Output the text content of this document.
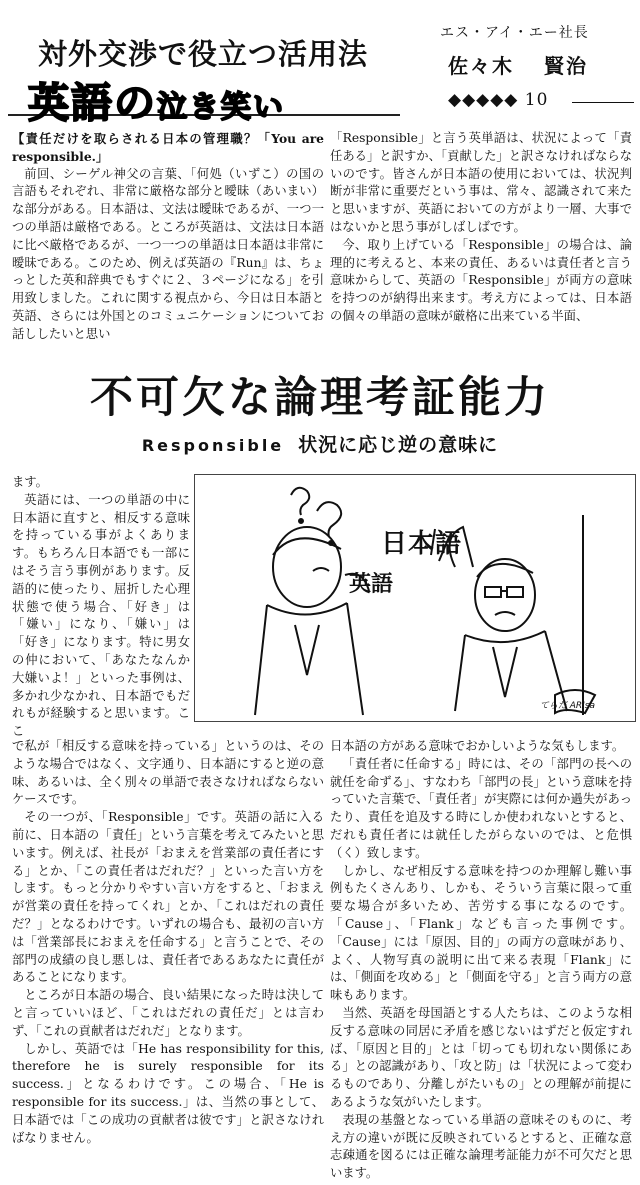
対外交渉で役立つ活用法
英語の泣き笑い
エス・アイ・エー社長
佐々木 賢治
◆◆◆◆◆ 10

【責任だけを取らされる日本の管理職？「You are responsible.」

前回、シーゲル神父の言葉、「何処（いずこ）の国の言語もそれぞれ、非常に厳格な部分と曖昧（あいまい）な部分がある。日本語は、文法は曖昧であるが、一つ一つの単語は厳格である。ところが英語は、文法は日本語に比べ厳格であるが、一つ一つの単語は日本語は非常に曖昧である。このため、例えば英語の『Run』は、ちょっとした英和辞典でもすぐに２、３ページになる」を引用致しました。これに関する視点から、今日は日本語と英語、さらには外国とのコミュニケーションについてお話ししたいと思い

「Responsible」と言う英単語は、状況によって「責任ある」と訳すか、「貢献した」と訳さなければならないのです。皆さんが日本語の使用においては、状況判断が非常に重要だという事は、常々、認識されて来たと思いますが、英語においての方がより一層、大事ではないかと思う事がしばしばです。

今、取り上げている「Responsible」の場合は、論理的に考えると、本来の責任、あるいは責任者と言う意味からして、英語の「Responsible」が両方の意味を持つのが納得出来ます。考え方によっては、日本語の個々の単語の意味が厳格に出来ている半面、

不可欠な論理考証能力
Responsible 状況に応じ逆の意味に

ます。

英語には、一つの単語の中に日本語に直すと、相反する意味を持っている事がよくあります。もちろん日本語でも一部にはそう言う事例があります。反語的に使ったり、屈折した心理状態で使う場合、「好き」は「嫌い」になり、「嫌い」は「好き」になります。特に男女の仲において、「あなたなんか大嫌いよ！」といった事例は、多かれ少なかれ、日本語でもだれもが経験すると思います。ここ

日本語
英語
てらだ ARIsa

で私が「相反する意味を持っている」というのは、そのような場合ではなく、文字通り、日本語にすると逆の意味、あるいは、全く別々の単語で表さなければならないケースです。

その一つが、「Responsible」です。英語の話に入る前に、日本語の「責任」という言葉を考えてみたいと思います。例えば、社長が「おまえを営業部の責任者にする」とか、「この責任者はだれだ？」といった言い方をします。もっと分かりやすい言い方をすると、「おまえが営業の責任を持ってくれ」とか、「これはだれの責任だ？」となるわけです。いずれの場合も、最初の言い方は「営業部長におまえを任命する」と言うことで、その部門の成績の良し悪しは、責任者であるあなたに責任があることになります。

ところが日本語の場合、良い結果になった時は決してと言っていいほど、「これはだれの責任だ」とは言わず、「これの貢献者はだれだ」となります。

しかし、英語では「He has responsibility for this, therefore he is surely responsible for its success.」となるわけです。この場合、「He is responsible for its success.」は、当然の事として、日本語では「この成功の貢献者は彼です」と訳さなければなりません。

日本語の方がある意味でおかしいような気もします。

「責任者に任命する」時には、その「部門の長への就任を命ずる」、すなわち「部門の長」という意味を持っていた言葉で、「責任者」が実際には何か過失があったり、責任を追及する時にしか使われないとすると、だれも責任者には就任したがらないのでは、と危惧（く）致します。

しかし、なぜ相反する意味を持つのか理解し難い事例もたくさんあり、しかも、そういう言葉に限って重要な場合が多いため、苦労する事になるのです。「Cause」、「Flank」なども言った事例です。「Cause」には「原因、目的」の両方の意味があり、よく、人物写真の説明に出て来る表現「Flank」には、「側面を攻める」と「側面を守る」と言う両方の意味もあります。

当然、英語を母国語とする人たちは、このような相反する意味の同居に矛盾を感じないはずだと仮定すれば、「原因と目的」とは「切っても切れない関係にある」との認識があり、「攻と防」は「状況によって変わるものであり、分離しがたいもの」との理解が前提にあるような気がいたします。

表現の基盤となっている単語の意味そのものに、考え方の違いが既に反映されているとすると、正確な意志疎通を図るには正確な論理考証能力が不可欠だと思います。
